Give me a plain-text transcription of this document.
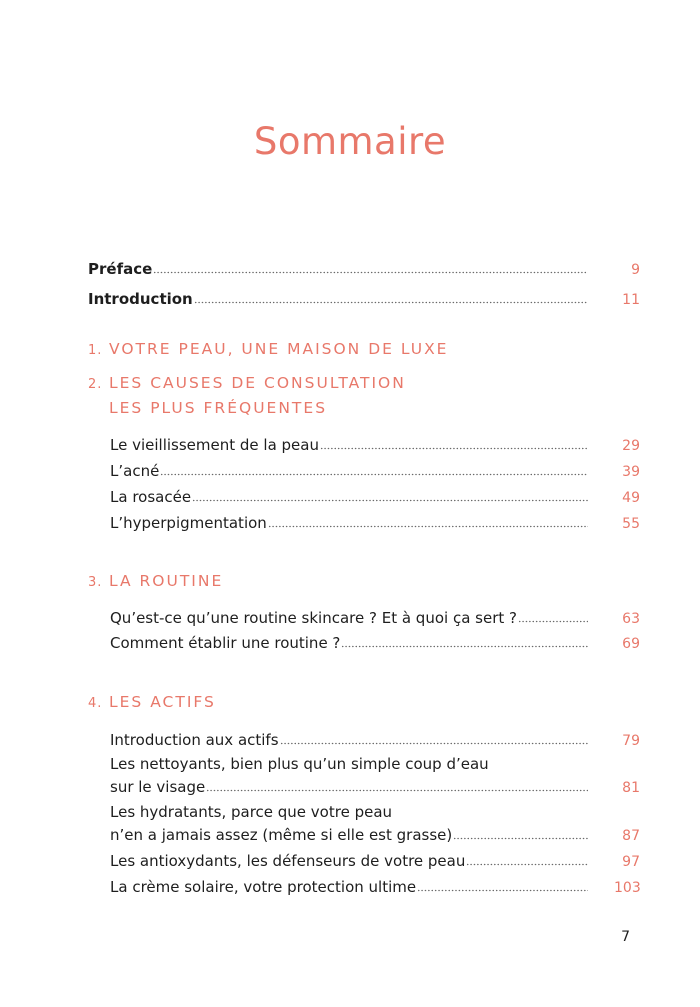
Sommaire
Préface	9
Introduction	11
1. VOTRE PEAU, UNE MAISON DE LUXE
2. LES CAUSES DE CONSULTATION
LES PLUS FRÉQUENTES
Le vieillissement de la peau	29
L’acné	39
La rosacée	49
L’hyperpigmentation	55
3. LA ROUTINE
Qu’est-ce qu’une routine skincare ? Et à quoi ça sert ?	63
Comment établir une routine ?	69
4. LES ACTIFS
Introduction aux actifs	79
Les nettoyants, bien plus qu’un simple coup d’eau
sur le visage	81
Les hydratants, parce que votre peau
n’en a jamais assez (même si elle est grasse)	87
Les antioxydants, les défenseurs de votre peau	97
La crème solaire, votre protection ultime	103
7
